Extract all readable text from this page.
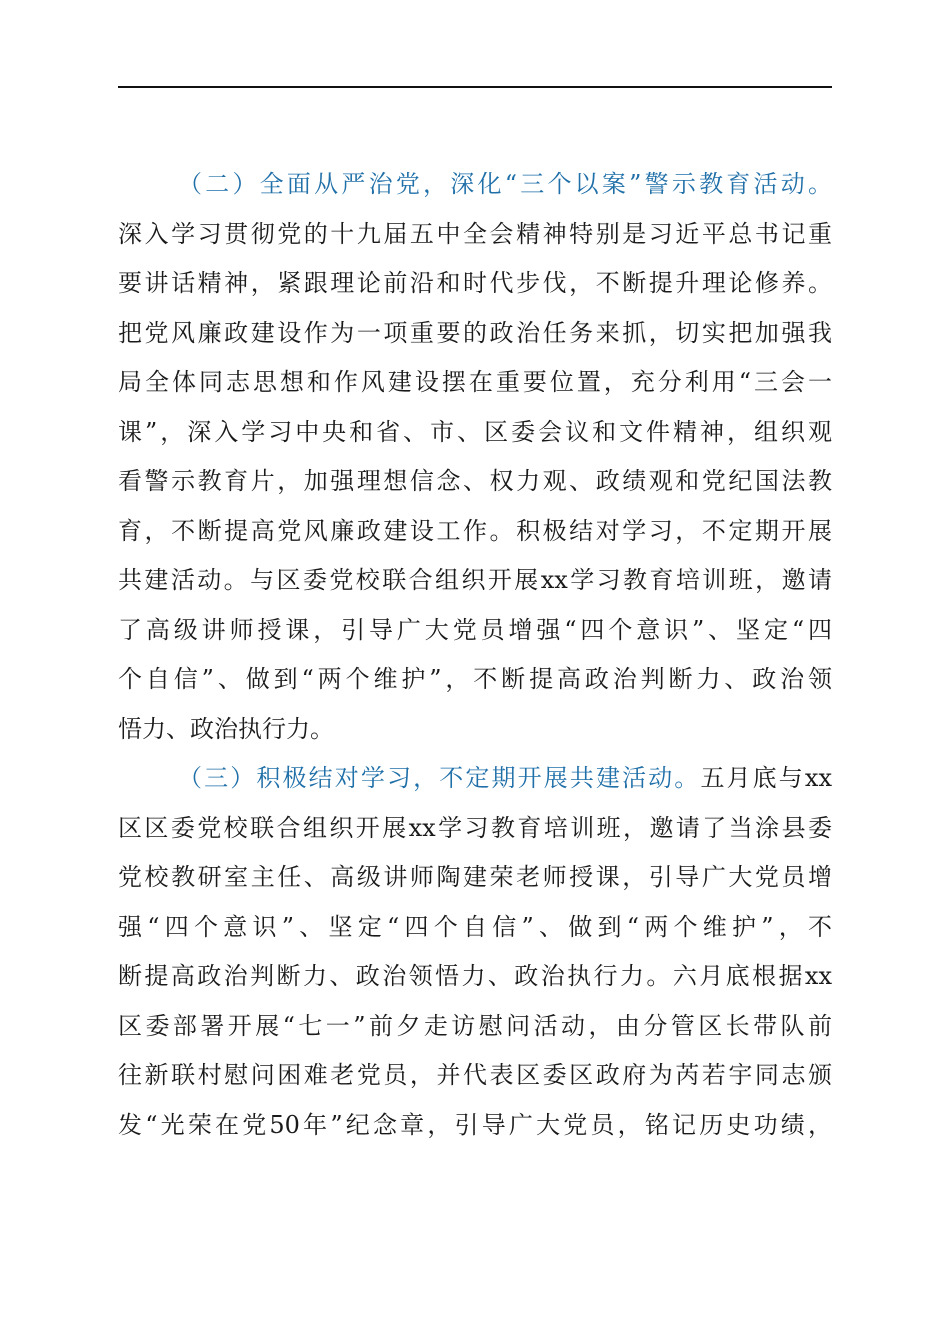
（二）全面从严治党，深化“三个以案”警示教育活动。
深入学习贯彻党的十九届五中全会精神特别是习近平总书记重
要讲话精神，紧跟理论前沿和时代步伐，不断提升理论修养。
把党风廉政建设作为一项重要的政治任务来抓，切实把加强我
局全体同志思想和作风建设摆在重要位置，充分利用“三会一
课”，深入学习中央和省、市、区委会议和文件精神，组织观
看警示教育片，加强理想信念、权力观、政绩观和党纪国法教
育，不断提高党风廉政建设工作。积极结对学习，不定期开展
共建活动。与区委党校联合组织开展xx学习教育培训班，邀请
了高级讲师授课，引导广大党员增强“四个意识”、坚定“四
个自信”、做到“两个维护”，不断提高政治判断力、政治领
悟力、政治执行力。
（三）积极结对学习，不定期开展共建活动。五月底与xx
区区委党校联合组织开展xx学习教育培训班，邀请了当涂县委
党校教研室主任、高级讲师陶建荣老师授课，引导广大党员增
强“四个意识”、坚定“四个自信”、做到“两个维护”，不
断提高政治判断力、政治领悟力、政治执行力。六月底根据xx
区委部署开展“七一”前夕走访慰问活动，由分管区长带队前
往新联村慰问困难老党员，并代表区委区政府为芮若宇同志颁
发“光荣在党50年”纪念章，引导广大党员，铭记历史功绩，
